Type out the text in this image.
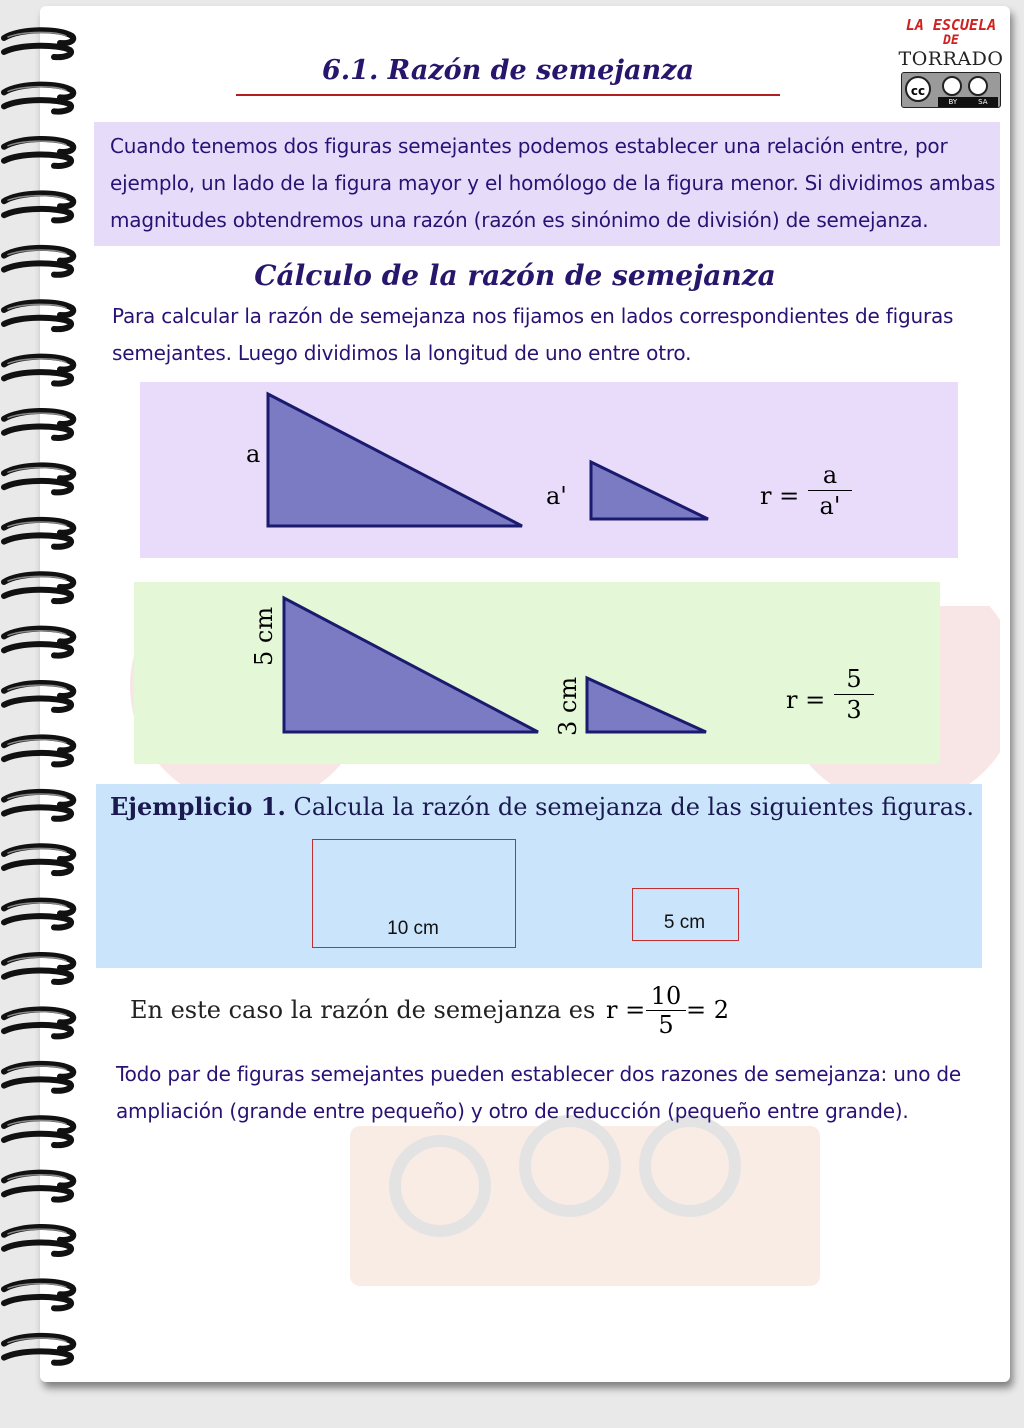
6.1. Razón de semejanza
LA ESCUELA
DE
TORRADO
cc
BY	SA
Cuando tenemos dos figuras semejantes podemos establecer una relación entre, por
ejemplo, un lado de la figura mayor y el homólogo de la figura menor. Si dividimos ambas
magnitudes obtendremos una razón (razón es sinónimo de división) de semejanza.
Cálculo de la razón de semejanza
Para calcular la razón de semejanza nos fijamos en lados correspondientes de figuras
semejantes. Luego dividimos la longitud de uno entre otro.
a
a'	r =
a
a'
5 cm
3 cm	r =
5
3
Ejemplicio 1. Calcula la razón de semejanza de las siguientes figuras.
10 cm	5 cm
En este caso la razón de semejanza es r = 10
5
= 2
Todo par de figuras semejantes pueden establecer dos razones de semejanza: uno de
ampliación (grande entre pequeño) y otro de reducción (pequeño entre grande).
